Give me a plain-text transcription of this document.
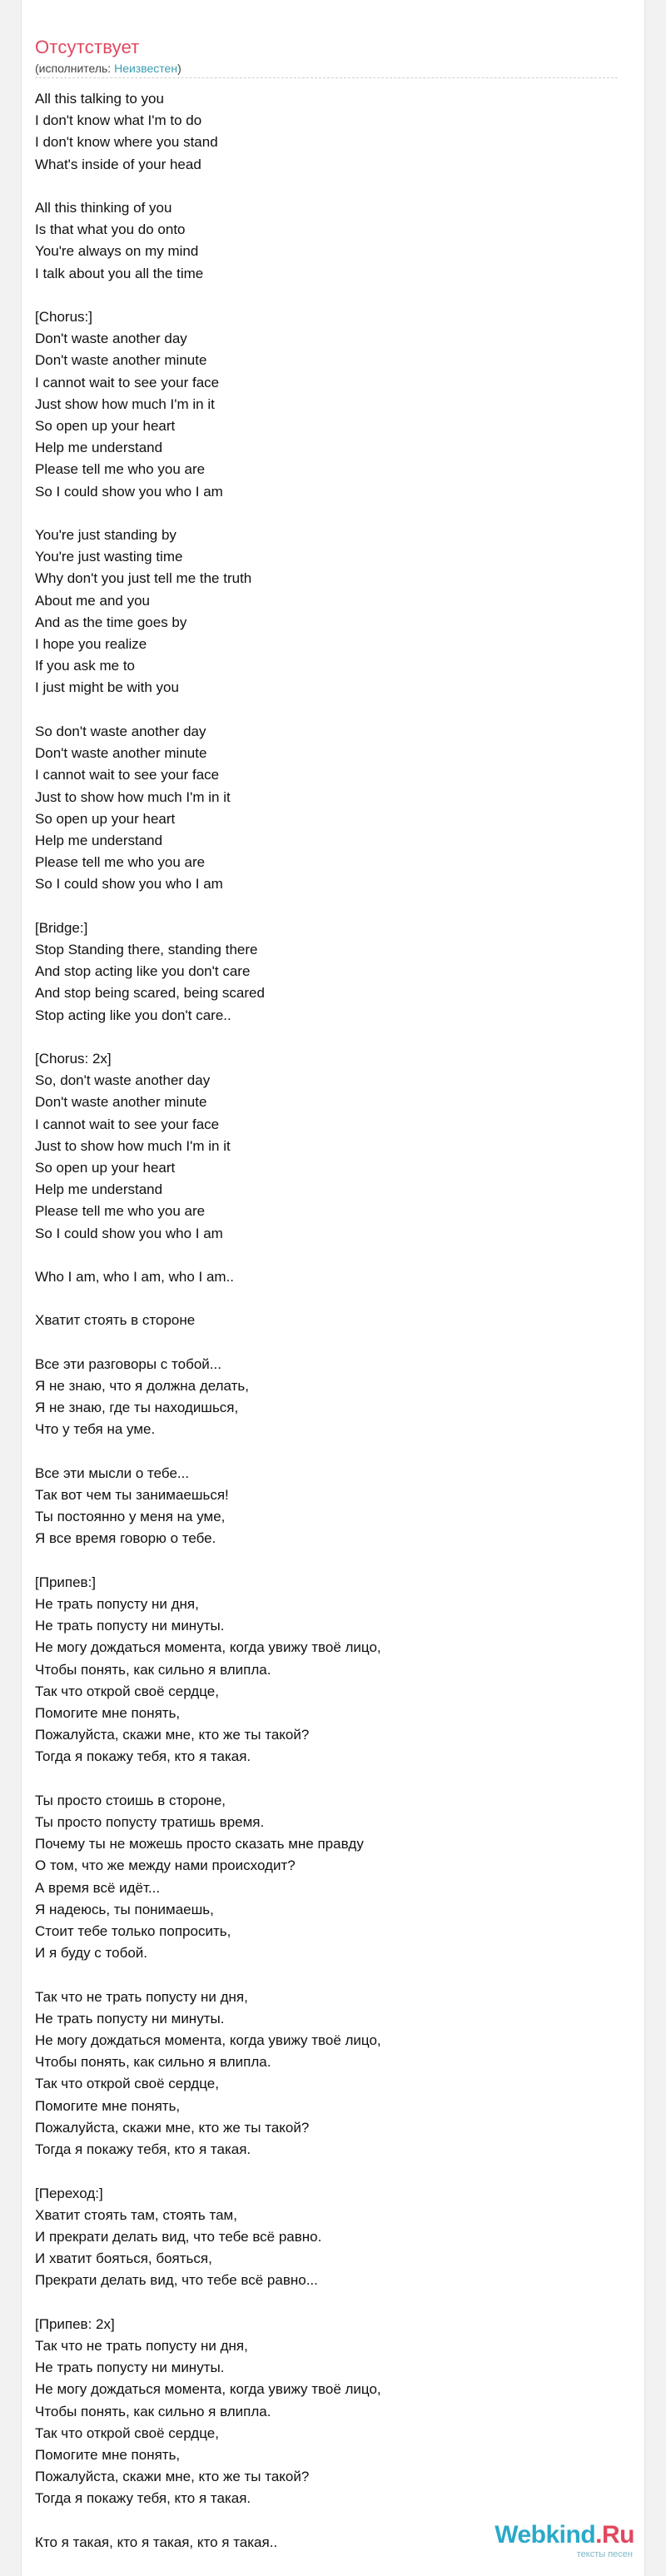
Отсутствует
(исполнитель: Неизвестен)
All this talking to you
I don't know what I'm to do
I don't know where you stand
What's inside of your head

All this thinking of you
Is that what you do onto
You're always on my mind
I talk about you all the time

[Chorus:]
Don't waste another day
Don't waste another minute
I cannot wait to see your face
Just show how much I'm in it
So open up your heart
Help me understand
Please tell me who you are
So I could show you who I am

You're just standing by
You're just wasting time
Why don't you just tell me the truth
About me and you
And as the time goes by
I hope you realize
If you ask me to
I just might be with you

So don't waste another day
Don't waste another minute
I cannot wait to see your face
Just to show how much I'm in it
So open up your heart
Help me understand
Please tell me who you are
So I could show you who I am

[Bridge:]
Stop Standing there, standing there
And stop acting like you don't care
And stop being scared, being scared
Stop acting like you don't care..

[Chorus: 2x]
So, don't waste another day
Don't waste another minute
I cannot wait to see your face
Just to show how much I'm in it
So open up your heart
Help me understand
Please tell me who you are
So I could show you who I am

Who I am, who I am, who I am..

Хватит стоять в стороне

Все эти разговоры с тобой...
Я не знаю, что я должна делать,
Я не знаю, где ты находишься,
Что у тебя на уме.

Все эти мысли о тебе...
Так вот чем ты занимаешься!
Ты постоянно у меня на уме,
Я все время говорю о тебе.

[Припев:]
Не трать попусту ни дня,
Не трать попусту ни минуты.
Не могу дождаться момента, когда увижу твоё лицо,
Чтобы понять, как сильно я влипла.
Так что открой своё сердце,
Помогите мне понять,
Пожалуйста, скажи мне, кто же ты такой?
Тогда я покажу тебя, кто я такая.

Ты просто стоишь в стороне,
Ты просто попусту тратишь время.
Почему ты не можешь просто сказать мне правду
О том, что же между нами происходит?
А время всё идёт...
Я надеюсь, ты понимаешь,
Стоит тебе только попросить,
И я буду с тобой.

Так что не трать попусту ни дня,
Не трать попусту ни минуты.
Не могу дождаться момента, когда увижу твоё лицо,
Чтобы понять, как сильно я влипла.
Так что открой своё сердце,
Помогите мне понять,
Пожалуйста, скажи мне, кто же ты такой?
Тогда я покажу тебя, кто я такая.

[Переход:]
Хватит стоять там, стоять там,
И прекрати делать вид, что тебе всё равно.
И хватит бояться, бояться,
Прекрати делать вид, что тебе всё равно...

[Припев: 2x]
Так что не трать попусту ни дня,
Не трать попусту ни минуты.
Не могу дождаться момента, когда увижу твоё лицо,
Чтобы понять, как сильно я влипла.
Так что открой своё сердце,
Помогите мне понять,
Пожалуйста, скажи мне, кто же ты такой?
Тогда я покажу тебя, кто я такая.

Кто я такая, кто я такая, кто я такая..	Webkind.Ru
тексты песен
